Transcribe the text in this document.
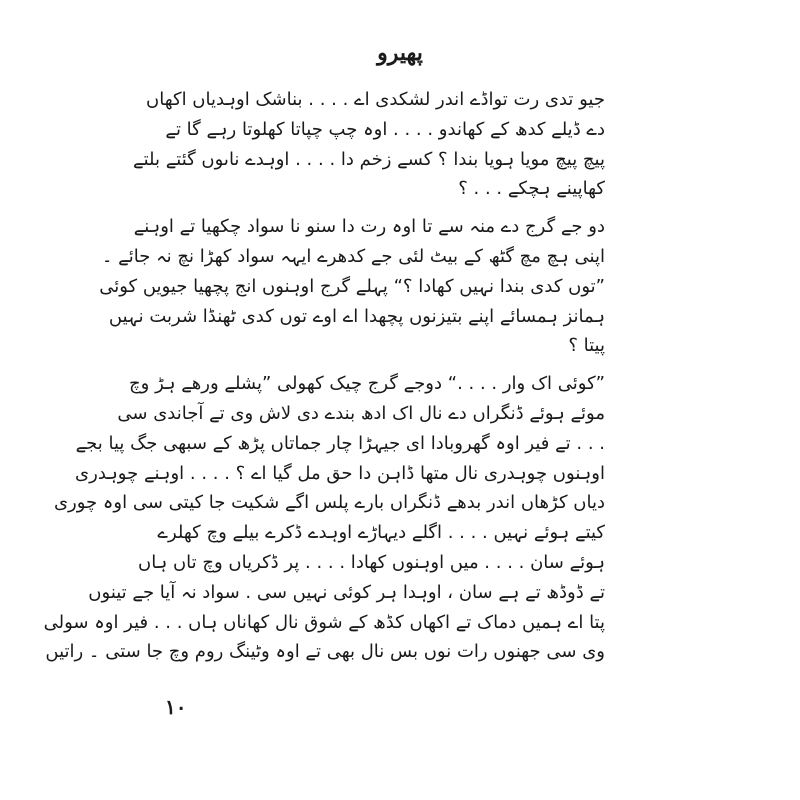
پھیرو
جیو تدی رت تواڈے اندر لشکدی اے . . . . بناشک اوہدیاں اکھاں
دے ڈیلے کدھ کے کھاندو . . . . اوہ چپ چپاتا کھلوتا رہے گا تے
پیچ پیچ مویا ہویا بندا ؟ کسے زخم دا . . . . اوہدے ناںوں گئتے بلتے
کھاپینے ہچکے . . . ؟
دو جے گرج دے منہ سے تا اوہ رت دا سنو نا سواد چکھیا تے اوہنے
اپنی ہچ مچ گٹھ کے بیٹ لئی جے کدھرے ایہہ سواد کھڑا نچ نہ جائے ۔
”توں کدی بندا نہیں کھادا ؟“ پہلے گرج اوہنوں انج پچھیا جیویں کوئی
ہمانز ہمسائے اپنے بتیزنوں پچھدا اے اوے توں کدی ٹھنڈا شربت نہیں
پیتا ؟
”کوئی اک وار . . . .“ دوجے گرج چیک کھولی ”پشلے ورھے ہڑ وچ
موئے ہوئے ڈنگراں دے نال اک ادھ بندے دی لاش وی تے آجاندی سی
. . . تے فیر اوہ گھروبادا ای جیہڑا چار جماتاں پڑھ کے سبھی جگ پیا بجے
اوہنوں چوہدری نال متھا ڈاہن دا حق مل گیا اے ؟ . . . . اوہنے چوہدری
دیاں کڑھاں اندر بدھے ڈنگراں بارے پلس اگے شکیت جا کیتی سی اوہ چوری
کیتے ہوئے نہیں . . . . اگلے دیہاڑے اوہدے ڈکرے بیلے وچ کھلرے
ہوئے سان . . . . میں اوہنوں کھادا . . . . پر ڈکریاں وچ تاں ہاں
تے ڈوڈھ تے ہے سان ، اوہدا ہر کوئی نہیں سی . سواد نہ آیا جے تینوں
پتا اے ہمیں دماک تے اکھاں کڈھ کے شوق نال کھاناں ہاں . . . فیر اوہ سولی
وی سی جھنوں رات نوں بس نال بھی تے اوہ وٹینگ روم وچ جا ستی ۔ راتیں
۱۰
